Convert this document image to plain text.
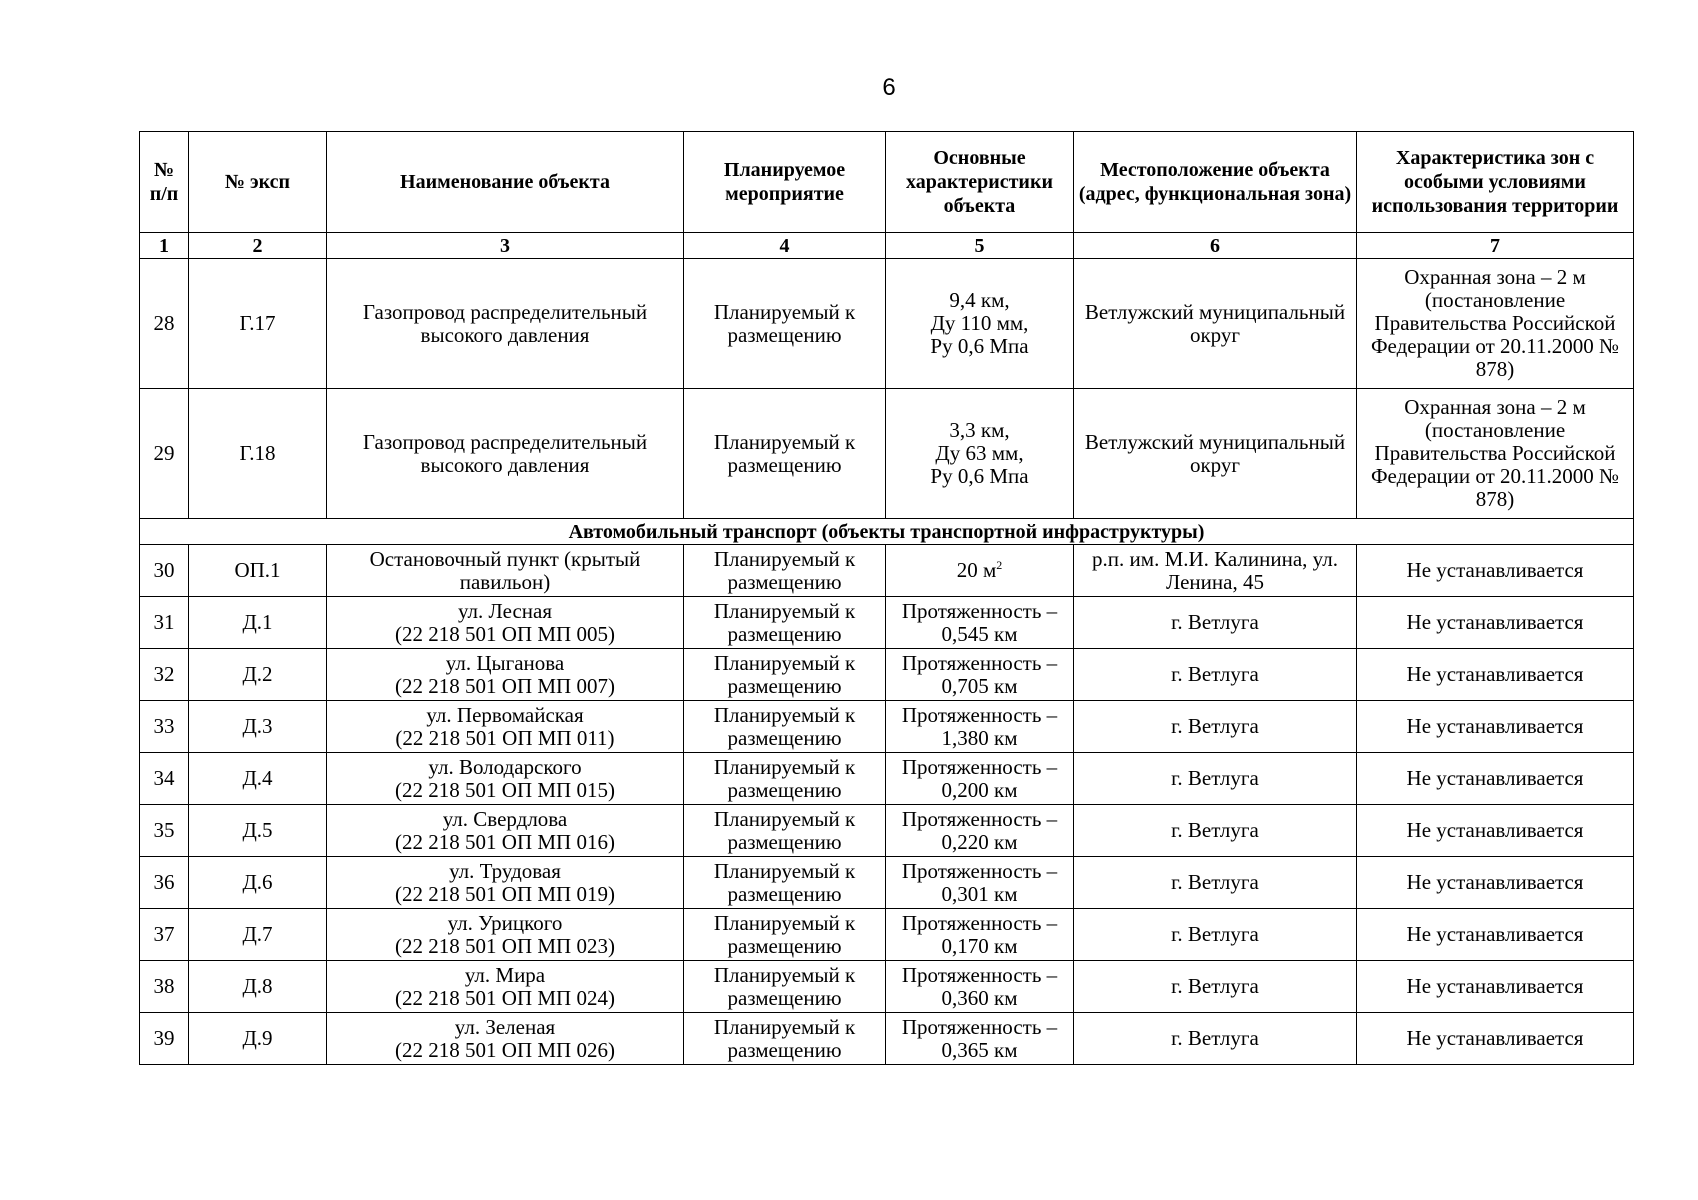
6
№ п/п	№ эксп	Наименование объекта	Планируемое мероприятие	Основные характеристики объекта	Местоположение объекта (адрес, функциональная зона)	Характеристика зон с особыми условиями использования территории
1	2	3	4	5	6	7
28	Г.17	Газопровод распределительный высокого давления	Планируемый к размещению	9,4 км,
Ду 110 мм,
Ру 0,6 Мпа	Ветлужский муниципальный округ	Охранная зона – 2 м (постановление Правительства Российской Федерации от 20.11.2000 № 878)
29	Г.18	Газопровод распределительный высокого давления	Планируемый к размещению	3,3 км,
Ду 63 мм,
Ру 0,6 Мпа	Ветлужский муниципальный округ	Охранная зона – 2 м (постановление Правительства Российской Федерации от 20.11.2000 № 878)
Автомобильный транспорт (объекты транспортной инфраструктуры)						
30	ОП.1	Остановочный пункт (крытый павильон)	Планируемый к размещению	20 $м^2$	р.п. им. М.И. Калинина, ул. Ленина, 45	Не устанавливается
31	Д.1	ул. Лесная
(22 218 501 ОП МП 005)	Планируемый к размещению	Протяженность – 0,545 км	г. Ветлуга	Не устанавливается
32	Д.2	ул. Цыганова
(22 218 501 ОП МП 007)	Планируемый к размещению	Протяженность – 0,705 км	г. Ветлуга	Не устанавливается
33	Д.3	ул. Первомайская
(22 218 501 ОП МП 011)	Планируемый к размещению	Протяженность – 1,380 км	г. Ветлуга	Не устанавливается
34	Д.4	ул. Володарского
(22 218 501 ОП МП 015)	Планируемый к размещению	Протяженность – 0,200 км	г. Ветлуга	Не устанавливается
35	Д.5	ул. Свердлова
(22 218 501 ОП МП 016)	Планируемый к размещению	Протяженность – 0,220 км	г. Ветлуга	Не устанавливается
36	Д.6	ул. Трудовая
(22 218 501 ОП МП 019)	Планируемый к размещению	Протяженность – 0,301 км	г. Ветлуга	Не устанавливается
37	Д.7	ул. Урицкого
(22 218 501 ОП МП 023)	Планируемый к размещению	Протяженность – 0,170 км	г. Ветлуга	Не устанавливается
38	Д.8	ул. Мира
(22 218 501 ОП МП 024)	Планируемый к размещению	Протяженность – 0,360 км	г. Ветлуга	Не устанавливается
39	Д.9	ул. Зеленая
(22 218 501 ОП МП 026)	Планируемый к размещению	Протяженность – 0,365 км	г. Ветлуга	Не устанавливается
